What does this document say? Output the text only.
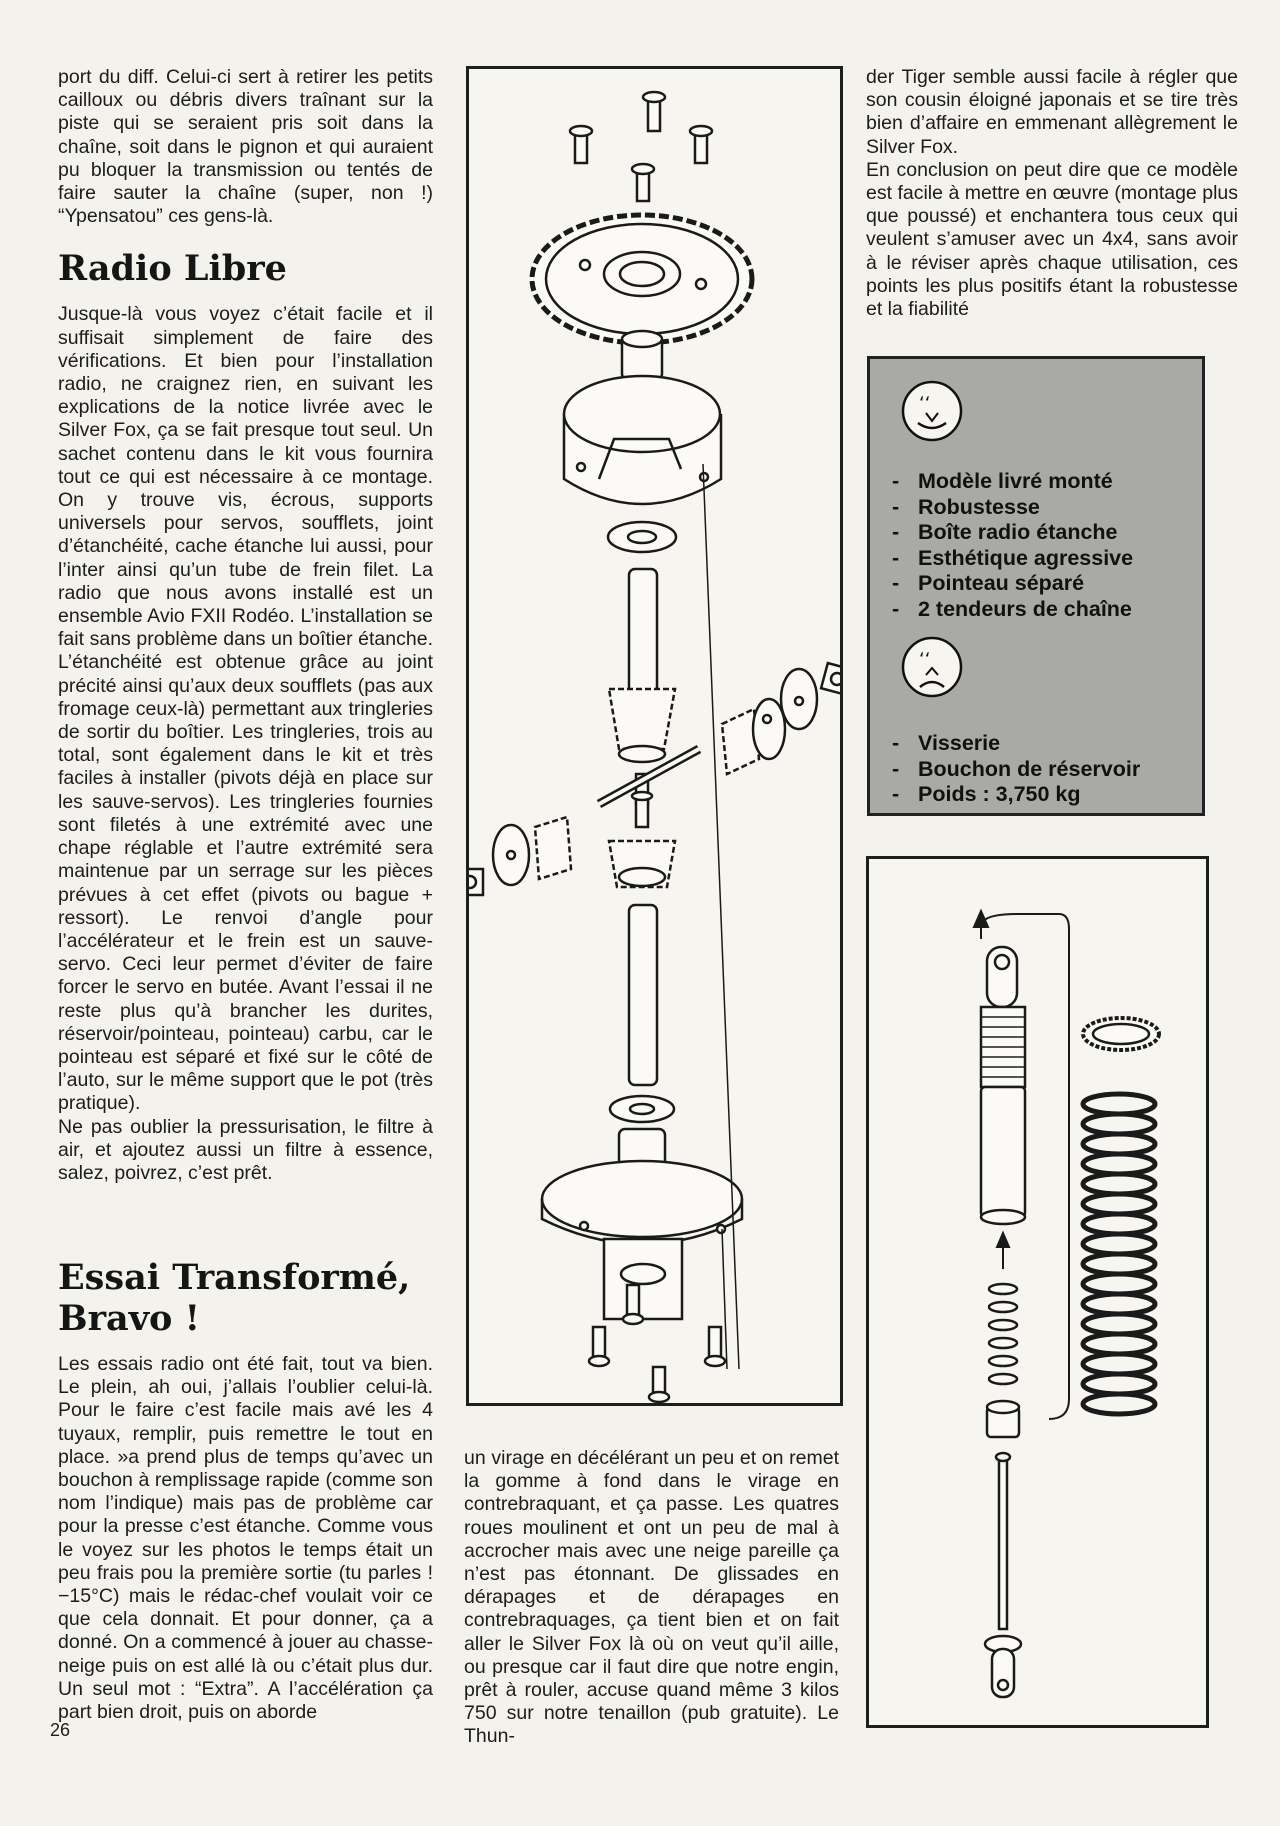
port du diff. Celui-ci sert à retirer les petits cailloux ou débris divers traînant sur la piste qui se seraient pris soit dans la chaîne, soit dans le pignon et qui auraient pu bloquer la transmission ou tentés de faire sauter la chaîne (super, non !) “Ypensatou” ces gens-là.

Radio Libre

Jusque-là vous voyez c’était facile et il suffisait simplement de faire des vérifications. Et bien pour l’installation radio, ne craignez rien, en suivant les explications de la notice livrée avec le Silver Fox, ça se fait presque tout seul. Un sachet contenu dans le kit vous fournira tout ce qui est nécessaire à ce montage. On y trouve vis, écrous, supports universels pour servos, soufflets, joint d’étanchéité, cache étanche lui aussi, pour l’inter ainsi qu’un tube de frein filet. La radio que nous avons installé est un ensemble Avio FXII Rodéo. L’installation se fait sans problème dans un boîtier étanche. L’étanchéité est obtenue grâce au joint précité ainsi qu’aux deux soufflets (pas aux fromage ceux-là) permettant aux tringleries de sortir du boîtier. Les tringleries, trois au total, sont également dans le kit et très faciles à installer (pivots déjà en place sur les sauve-servos). Les tringleries fournies sont filetés à une extrémité avec une chape réglable et l’autre extrémité sera maintenue par un serrage sur les pièces prévues à cet effet (pivots ou bague + ressort). Le renvoi d’angle pour l’accélérateur et le frein est un sauve-servo. Ceci leur permet d’éviter de faire forcer le servo en butée. Avant l’essai il ne reste plus qu’à brancher les durites, réservoir/pointeau, pointeau) carbu, car le pointeau est séparé et fixé sur le côté de l’auto, sur le même support que le pot (très pratique).

Ne pas oublier la pressurisation, le filtre à air, et ajoutez aussi un filtre à essence, salez, poivrez, c’est prêt.

Essai Transformé,
Bravo !

Les essais radio ont été fait, tout va bien. Le plein, ah oui, j’allais l’oublier celui-là. Pour le faire c’est facile mais avé les 4 tuyaux, remplir, puis remettre le tout en place. »a prend plus de temps qu’avec un bouchon à remplissage rapide (comme son nom l’indique) mais pas de problème car pour la presse c’est étanche. Comme vous le voyez sur les photos le temps était un peu frais pou la première sortie (tu parles ! −15°C) mais le rédac-chef voulait voir ce que cela donnait. Et pour donner, ça a donné. On a commencé à jouer au chasse-neige puis on est allé là ou c’était plus dur. Un seul mot : “Extra”. A l’accélération ça part bien droit, puis on aborde

26

un virage en décélérant un peu et on remet la gomme à fond dans le virage en contrebraquant, et ça passe. Les quatres roues moulinent et ont un peu de mal à accrocher mais avec une neige pareille ça n’est pas étonnant. De glissades en dérapages et de dérapages en contrebraquages, ça tient bien et on fait aller le Silver Fox là où on veut qu’il aille, ou presque car il faut dire que notre engin, prêt à rouler, accuse quand même 3 kilos 750 sur notre tenaillon (pub gratuite). Le Thun-

der Tiger semble aussi facile à régler que son cousin éloigné japonais et se tire très bien d’affaire en emmenant allègrement le Silver Fox.

En conclusion on peut dire que ce modèle est facile à mettre en œuvre (montage plus que poussé) et enchantera tous ceux qui veulent s’amuser avec un 4x4, sans avoir à le réviser après chaque utilisation, ces points les plus positifs étant la robustesse et la fiabilité

ʻʻ
- Modèle livré monté
- Robustesse
- Boîte radio étanche
- Esthétique agressive
- Pointeau séparé
- 2 tendeurs de chaîne
ʻʻ
- Visserie
- Bouchon de réservoir
- Poids : 3,750 kg
